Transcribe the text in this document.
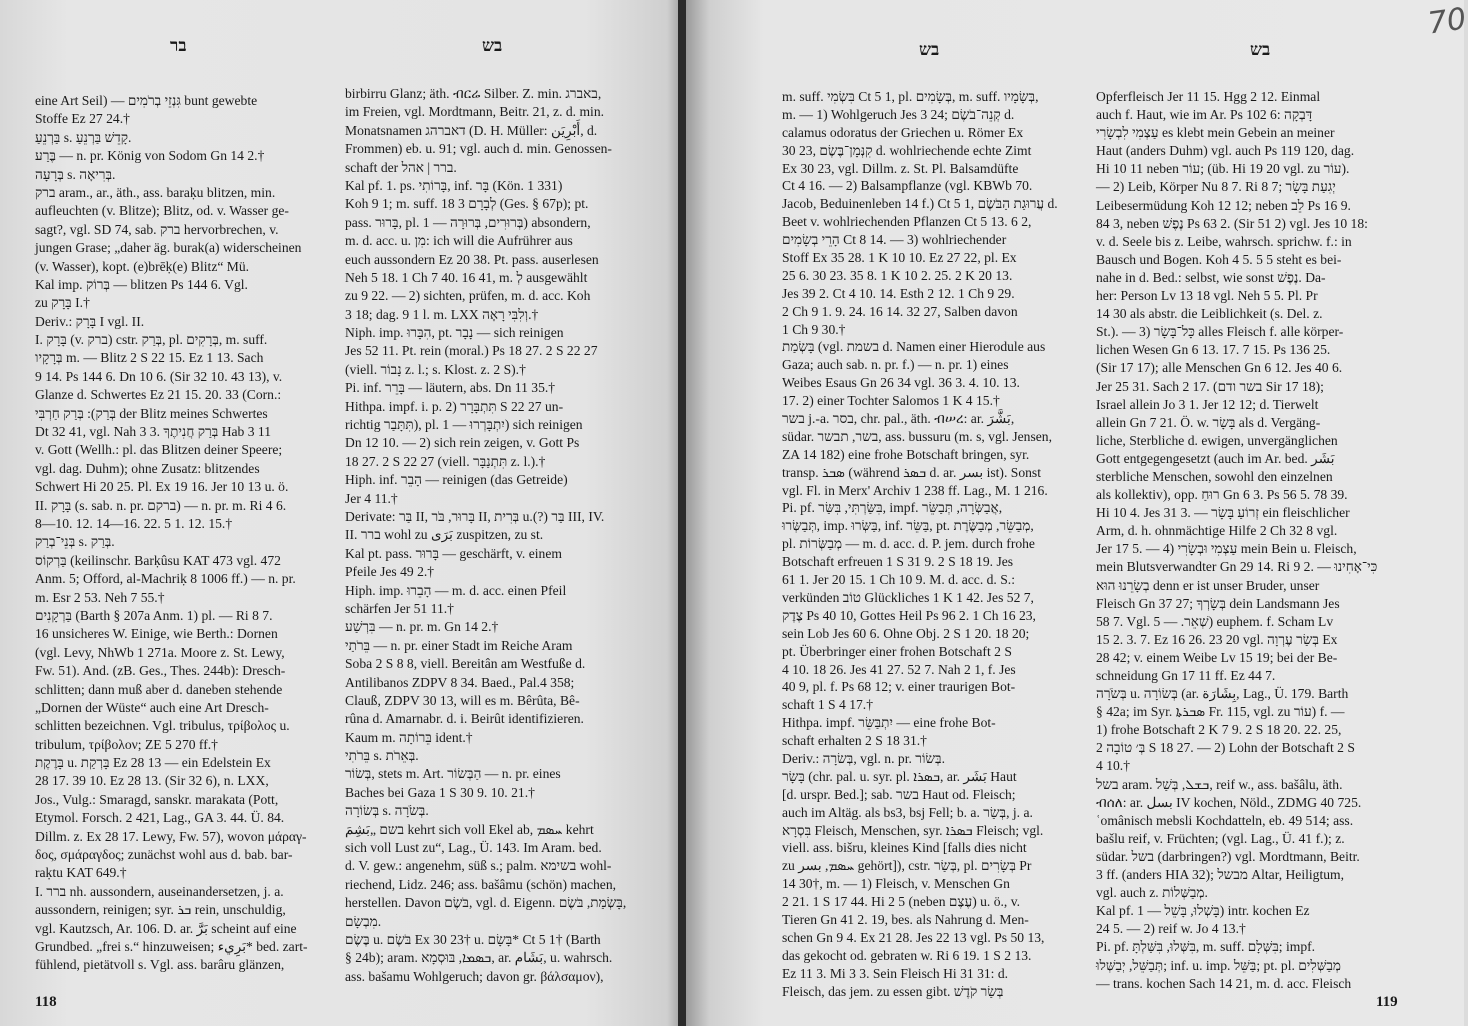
בר	בש
eine Art Seil) — גִּנְזֵי בְרֹמִים bunt gewebte
Stoffe Ez 27 24.†
בַּרְנֵעַ s. קָדֵשׁ בַּרְנֵעַ.
בֶּרַע — n. pr. König von Sodom Gn 14 2.†
בְּרָעָה s. בְּרִיאָה.
ברק aram., ar., äth., ass. baraḳu blitzen, min.
aufleuchten (v. Blitze); Blitz, od. v. Wasser ge-
sagt?, vgl. SD 74, sab. ברק hervorbrechen, v.
jungen Grase; „daher äg. burak(a) widerscheinen
(v. Wasser), kopt. (e)brēḳ(e) Blitz“ Mü.
Kal imp. בְּרוֹק — blitzen Ps 144 6. Vgl.
zu בָּרָק I.†
Deriv.: בָּרָק I vgl. II.
I. בָּרָק (v. ברק) cstr. בְּרַק, pl. בְּרָקִים, m. suff.
בְּרָקָיו m. — Blitz 2 S 22 15. Ez 1 13. Sach
9 14. Ps 144 6. Dn 10 6. (Sir 32 10. 43 13), v.
Glanze d. Schwertes Ez 21 15. 20. 33 (Corn.:
בְּרַק): בְּרַק חַרְבִּי der Blitz meines Schwertes
Dt 32 41, vgl. Nah 3 3. בְּרַק חֲנִיתֶךָ Hab 3 11
v. Gott (Wellh.: pl. das Blitzen deiner Speere;
vgl. dag. Duhm); ohne Zusatz: blitzendes
Schwert Hi 20 25. Pl. Ex 19 16. Jer 10 13 u. ö.
II. בָּרָק (s. sab. n. pr. ברקם) — n. pr. m. Ri 4 6.
8—10. 12. 14—16. 22. 5 1. 12. 15.†
בְּנֵי־בְרַק s. בְּרַק.
בַּרְקוֹס (keilinschr. Barḳûsu KAT 473 vgl. 472
Anm. 5; Offord, al-Machriḳ 8 1006 ff.) — n. pr.
m. Esr 2 53. Neh 7 55.†
בַּרְקָנִים (Barth § 207a Anm. 1) pl. — Ri 8 7.
16 unsicheres W. Einige, wie Berth.: Dornen
(vgl. Levy, NhWb 1 271a. Moore z. St. Lewy,
Fw. 51). And. (zB. Ges., Thes. 244b): Dresch-
schlitten; dann muß aber d. daneben stehende
„Dornen der Wüste“ auch eine Art Dresch-
schlitten bezeichnen. Vgl. tribulus, τρίβολος u.
tribulum, τρίβολον; ZE 5 270 ff.†
בָּרֶקֶת u. בָּרְקַת Ez 28 13 — ein Edelstein Ex
28 17. 39 10. Ez 28 13. (Sir 32 6), n. LXX,
Jos., Vulg.: Smaragd, sanskr. marakata (Pott,
Etymol. Forsch. 2 421, Lag., GA 3. 44. Ü. 84.
Dillm. z. Ex 28 17. Lewy, Fw. 57), wovon μάραγ-
δος, σμάραγδος; zunächst wohl aus d. bab. bar-
raḳtu KAT 649.†
I. ברר nh. aussondern, auseinandersetzen, j. a.
aussondern, reinigen; syr. ܒܪ rein, unschuldig,
vgl. Kautzsch, Ar. 106. D. ar. بَرَّ scheint auf eine
Grundbed. „frei s.“ hinzuweisen; بَرِيء* bed. zart-
fühlend, pietätvoll s. Vgl. ass. barâru glänzen,
birbirru Glanz; äth. ብርሬ Silber. Z. min. באברג,
im Freien, vgl. Mordtmann, Beitr. 21, z. d. min.
Monatsnamen דאברהג (D. H. Müller: أَبْرِيَن, d.
Frommen) eb. u. 91; vgl. auch d. min. Genossen-
schaft der ברר | אהל.
Kal pf. 1. ps. בָּרוֹתִי, inf. בָּר (Kön. 1 331)
Koh 9 1; m. suff. לְבָרָם 3 18 (Ges. § 67p); pt.
pass. בָּרוּר, pl. בְּרוּרִים, בְּרוּרָה — 1) absondern,
m. d. acc. u. מִן: ich will die Aufrührer aus
euch aussondern Ez 20 38. Pt. pass. auserlesen
Neh 5 18. 1 Ch 7 40. 16 41, m. לְ ausgewählt
zu 9 22. — 2) sichten, prüfen, m. d. acc. Koh
3 18; dag. 9 1 l. m. LXX וְלִבִּי רָאָה.†
Niph. imp. הִבָּרוּ, pt. נָבָר — sich reinigen
Jes 52 11. Pt. rein (moral.) Ps 18 27. 2 S 22 27
(viell. נָבוֹר z. l.; s. Klost. z. 2 S).†
Pi. inf. בָּרֵר — läutern, abs. Dn 11 35.†
Hithpa. impf. i. p. תִּתְבָּרָר (2 S 22 27 un-
richtig תִּתָּבַר), pl. יִתְבָּרְרוּ — 1) sich reinigen
Dn 12 10. — 2) sich rein zeigen, v. Gott Ps
18 27. 2 S 22 27 (viell. תִּתְנַבָּר z. l.).†
Hiph. inf. הָבֵר — reinigen (das Getreide)
Jer 4 11.†
Derivate: בַּר II, בָּרוּר, בֹּר II, בְּרִית u.(?) בַּר III, IV.
II. ברר wohl zu بَرَى zuspitzen, zu st.
Kal pt. pass. בָּרוּר — geschärft, v. einem
Pfeile Jes 49 2.†
Hiph. imp. הָבֵרוּ — m. d. acc. einen Pfeil
schärfen Jer 51 11.†
בִּרְשַׁע — n. pr. m. Gn 14 2.†
בֵּרֹתַי — n. pr. einer Stadt im Reiche Aram
Soba 2 S 8 8, viell. Bereitân am Westfuße d.
Antilibanos ZDPV 8 34. Baed., Pal.4 358;
Clauß, ZDPV 30 13, will es m. Bêrûta, Bê-
rûna d. Amarnabr. d. i. Beirût identifizieren.
Kaum m. בֵּרוֹתָה ident.†
בֵּרֹתִי s. בְּאֵרֹת.
בְּשׂוֹר, stets m. Art. הַבְּשׂוֹר — n. pr. eines
Baches bei Gaza 1 S 30 9. 10. 21.†
בְּשׂוֹרָה s. בְּשֹׂרָה.
בשם „بَشِمَ kehrt sich voll Ekel ab, ܚܣܡ kehrt
sich voll Lust zu“, Lag., Ü. 143. Im Aram. bed.
d. V. gew.: angenehm, süß s.; palm. בשימא wohl-
riechend, Lidz. 246; ass. bašâmu (schön) machen,
herstellen. Davon בֹּשֶׂם, vgl. d. Eigenn. בָּשְׂמַת, בֹּשֶׂם,
מִבְשָׂם.
בֶּשֶׂם u. בֹּשֶׂם Ex 30 23† u. בָּשָׂם* Ct 5 1† (Barth
§ 24b); aram. ܒܣܡܐ, בּוּסְמָא, ar. بَشَام, u. wahrsch.
ass. bašamu Wohlgeruch; davon gr. βάλσαμον),
118
בש	בש
119
m. suff. בִּשְׂמִי Ct 5 1, pl. בְּשָׂמִים, m. suff. בְּשָׂמָיו,
m. — 1) Wohlgeruch Jes 3 24; קְנֵה־בֹשֶׂם d.
calamus odoratus der Griechen u. Römer Ex
30 23, קִנְּמָן־בֶּשֶׂם d. wohlriechende echte Zimt
Ex 30 23, vgl. Dillm. z. St. Pl. Balsamdüfte
Ct 4 16. — 2) Balsampflanze (vgl. KBWb 70.
Jacob, Beduinenleben 14 f.) Ct 5 1, עֲרוּגַת הַבֹּשֶׂם d.
Beet v. wohlriechenden Pflanzen Ct 5 13. 6 2,
הָרֵי בְשָׂמִים Ct 8 14. — 3) wohlriechender
Stoff Ex 35 28. 1 K 10 10. Ez 27 22, pl. Ex
25 6. 30 23. 35 8. 1 K 10 2. 25. 2 K 20 13.
Jes 39 2. Ct 4 10. 14. Esth 2 12. 1 Ch 9 29.
2 Ch 9 1. 9. 24. 16 14. 32 27, Salben davon
1 Ch 9 30.†
בָּשְׂמַת (vgl. בשמת d. Namen einer Hierodule aus
Gaza; auch sab. n. pr. f.) — n. pr. 1) eines
Weibes Esaus Gn 26 34 vgl. 36 3. 4. 10. 13.
17. 2) einer Tochter Salomos 1 K 4 15.†
בשר j.-a. בסר, chr. pal., äth. ብሠረ: ar. بَشَّرَ,
südar. בשר, תבשר, ass. bussuru (m. s, vgl. Jensen,
ZA 14 182) eine frohe Botschaft bringen, syr.
transp. ܣܒܪ (während ܒܣܪ d. ar. بسر ist). Sonst
vgl. Fl. in Merx' Archiv 1 238 ff. Lag., M. 1 216.
Pi. pf. בִּשַּׂרְתִּי, בִּשַּׂר, impf. אֲבַשְּׂרָה, תְּבַשֵּׂר,
תְּבַשְּׂרוּ, imp. בַּשְּׂרוּ, inf. בַּשֵּׂר, pt. מְבַשֵּׂר, מְבַשֶּׂרֶת,
pl. מְבַשְּׂרוֹת — m. d. acc. d. P. jem. durch frohe
Botschaft erfreuen 1 S 31 9. 2 S 18 19. Jes
61 1. Jer 20 15. 1 Ch 10 9. M. d. acc. d. S.:
verkünden טוֹב Glückliches 1 K 1 42. Jes 52 7,
צֶדֶק Ps 40 10, Gottes Heil Ps 96 2. 1 Ch 16 23,
sein Lob Jes 60 6. Ohne Obj. 2 S 1 20. 18 20;
pt. Überbringer einer frohen Botschaft 2 S
4 10. 18 26. Jes 41 27. 52 7. Nah 2 1, f. Jes
40 9, pl. f. Ps 68 12; v. einer traurigen Bot-
schaft 1 S 4 17.†
Hithpa. impf. יִתְבַּשֵּׂר — eine frohe Bot-
schaft erhalten 2 S 18 31.†
Deriv.: בְּשׂרָה, vgl. n. pr. בְּשׂוֹר.
בָּשָׂר (chr. pal. u. syr. pl. ܒܣܪܐ, ar. بَشَر Haut
[d. urspr. Bed.]; sab. בשר Haut od. Fleisch;
auch im Altäg. als bs3, bsj Fell; b. a. בְּשַׂר, j. a.
בִּסְרָא Fleisch, Menschen, syr. ܒܣܪܐ Fleisch; vgl.
viell. ass. bišru, kleines Kind [falls dies nicht
zu ܚܣܡ, بسر gehört]), cstr. בְּשַׂר, pl. בְּשָׂרִים Pr
14 30†, m. — 1) Fleisch, v. Menschen Gn
2 21. 1 S 17 44. Hi 2 5 (neben עֶצֶם) u. ö., v.
Tieren Gn 41 2. 19, bes. als Nahrung d. Men-
schen Gn 9 4. Ex 21 28. Jes 22 13 vgl. Ps 50 13,
das gekocht od. gebraten w. Ri 6 19. 1 S 2 13.
Ez 11 3. Mi 3 3. Sein Fleisch Hi 31 31: d.
Fleisch, das jem. zu essen gibt. בְּשַׂר קֹדֶשׁ
Opferfleisch Jer 11 15. Hgg 2 12. Einmal
auch f. Haut, wie im Ar. Ps 102 6: דָּבְקָה
עַצְמִי לִבְשָׂרִי es klebt mein Gebein an meiner
Haut (anders Duhm) vgl. auch Ps 119 120, dag.
Hi 10 11 neben עוֹר; (üb. Hi 19 20 vgl. zu עוֹר).
— 2) Leib, Körper Nu 8 7. Ri 8 7; יְגִעַת בָּשָׂר
Leibesermüdung Koh 12 12; neben לֵב Ps 16 9.
84 3, neben נֶפֶשׁ Ps 63 2. (Sir 51 2) vgl. Jes 10 18:
v. d. Seele bis z. Leibe, wahrsch. sprichw. f.: in
Bausch und Bogen. Koh 4 5. 5 5 steht es bei-
nahe in d. Bed.: selbst, wie sonst נֶפֶשׁ. Da-
her: Person Lv 13 18 vgl. Neh 5 5. Pl. Pr
14 30 als abstr. die Leiblichkeit (s. Del. z.
St.). — 3) כָּל־בָּשָׂר alles Fleisch f. alle körper-
lichen Wesen Gn 6 13. 17. 7 15. Ps 136 25.
(Sir 17 17); alle Menschen Gn 6 12. Jes 40 6.
Jer 25 31. Sach 2 17. (בשר ודם Sir 17 18);
Israel allein Jo 3 1. Jer 12 12; d. Tierwelt
allein Gn 7 21. Ö. w. בָּשָׂר als d. Vergäng-
liche, Sterbliche d. ewigen, unvergänglichen
Gott entgegengesetzt (auch im Ar. bed. بَشَر
sterbliche Menschen, sowohl den einzelnen
als kollektiv), opp. רוּחַ Gn 6 3. Ps 56 5. 78 39.
Hi 10 4. Jes 31 3. — זְרוֹעַ בָּשָׂר ein fleischlicher
Arm, d. h. ohnmächtige Hilfe 2 Ch 32 8 vgl.
Jer 17 5. — 4) עַצְמִי וּבְשָׂרִי mein Bein u. Fleisch,
mein Blutsverwandter Gn 29 14. Ri 9 2. — כִּי־אָחִינוּ
בְשָׂרֵנוּ הוּא denn er ist unser Bruder, unser
Fleisch Gn 37 27; בְּשָׂרְךָ dein Landsmann Jes
58 7. Vgl. שְׁאֵר. — 5) euphem. f. Scham Lv
15 2. 3. 7. Ez 16 26. 23 20 vgl. בְּשַׂר עֶרְוָה Ex
28 42; v. einem Weibe Lv 15 19; bei der Be-
schneidung Gn 17 11 ff. Ez 44 7.
בְּשֹׂרָה u. בְּשׂוֹרָה (ar. بِشَارَة, Lag., Ü. 179. Barth
§ 42a; im Syr. ܣܒܪܬܐ Fr. 115, vgl. zu עוֹר) f. —
1) frohe Botschaft 2 K 7 9. 2 S 18 20. 22. 25,
בְּ׳ טוֹבָה 2 S 18 27. — 2) Lohn der Botschaft 2 S
4 10.†
בשל aram. ܒܫܠ, בְּשַׁל, reif w., ass. bašâlu, äth.
ብሰለ: ar. بسل IV kochen, Nöld., ZDMG 40 725.
ʿomânisch mebsli Kochdatteln, eb. 49 514; ass.
bašlu reif, v. Früchten; (vgl. Lag., Ü. 41 f.); z.
südar. בשל (darbringen?) vgl. Mordtmann, Beitr.
3 ff. (anders HIA 32); מבשל Altar, Heiligtum,
vgl. auch z. מְבַשְּׁלוֹת.
Kal pf. בָּשְׁלוּ, בָּשֵׁל — 1) intr. kochen Ez
24 5. — 2) reif w. Jo 4 13.†
Pi. pf. בִּשְּׁלוּ, בִּשַּׁלְתָּ, m. suff. בִּשְּׁלָם; impf.
תְּבַשֵּׁל, יְבַשְּׁלוּ; inf. u. imp. בַּשֵּׁל; pt. pl. מְבַשְּׁלִים
— trans. kochen Sach 14 21, m. d. acc. Fleisch
70
